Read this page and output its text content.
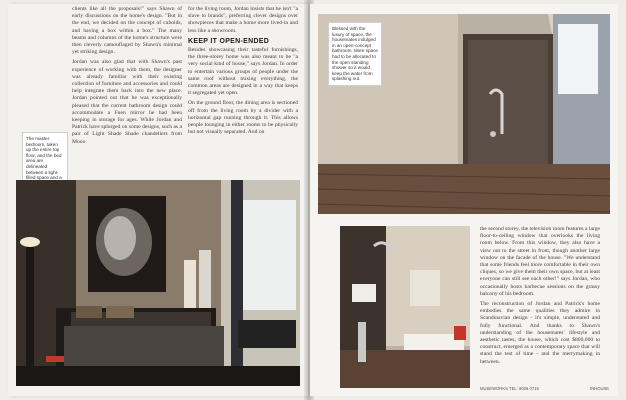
clients like all the proposals!" says Shawn of early discussions on the home's design. "But in the end, we decided on the concept of cuboids, and having a box within a box." The many beams and columns of the home's structure were then cleverly camouflaged by Shawn's minimal yet striking design.

Jordan was also glad that with Shawn's past experience of working with them, the designer was already familiar with their existing collection of furniture and accessories and could help integrate them back into the new place. Jordan pointed out that he was exceptionally pleased that the current bathroom design could accommodate a Fuen mirror he had been keeping in storage for ages. While Jordan and Patrick have splurged on some designs, such as a pair of Light Shade Shade chandeliers from Mooo

for the living room, Jordan insists that he isn't "a slave to brands", preferring clever designs over showpieces that make a home more lived-in and less like a showroom.

KEEP IT OPEN-ENDED

Besides showcasing their tasteful furnishings, the three-storey home was also meant to be "a very social kind of house," says Jordan. In order to entertain various groups of people under the same roof without mixing everything, the common areas are designed in a way that keeps it segregated yet open.

On the ground floor, the dining area is sectioned off from the living room by a divider with a horizontal gap running through it. This allows people lounging in either rooms to be physically but not visually separated. And on

The master bedroom, taken up the entire top floor, and the bed area are delineated between a light-filled space and a
Blessed with the luxury of space, the housemates indulged in an open-concept bathroom. More space had to be allocated to the open standing shower so it would keep the water from splashing out.

the second storey, the television room features a large floor-to-ceiling window that overlooks the living room below. From this window, they also have a view out to the street in front, though another large window on the facade of the house. "We understand that some friends feel more comfortable in their own cliques, so we give them their own space, but at least everyone can still see each other!" says Jordan, who occasionally hosts barbecue sessions on the grassy balcony of his bedroom.

The reconstruction of Jordan and Patrick's home embodies the same qualities they admire in Scandinavian design - it's simple, understated and fully functional. And thanks to Shawn's understanding of the housemates' lifestyle and aesthetic tastes, the house, which cost $800,000 to construct, emerged as a contemporary space that will stand the test of time - and the merrymaking in between.

MUSEWORKS TEL: 9026 0719	INHOUSE
